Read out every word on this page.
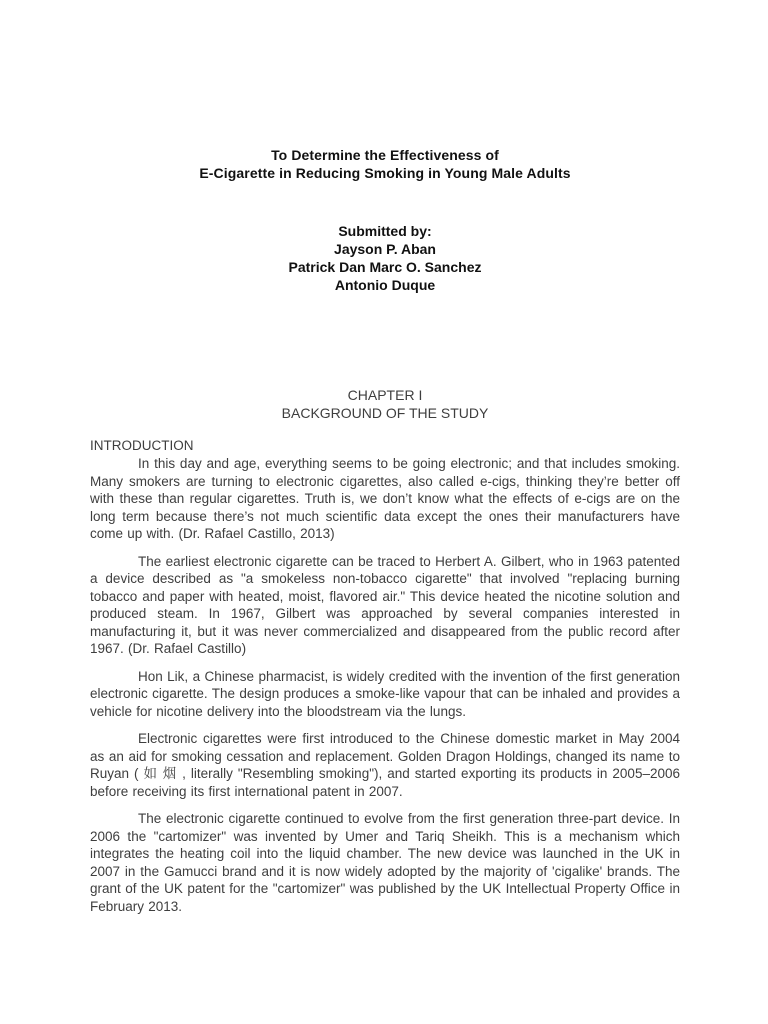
To Determine the Effectiveness of
E-Cigarette in Reducing Smoking in Young Male Adults
Submitted by:
Jayson P. Aban
Patrick Dan Marc O. Sanchez
Antonio Duque
CHAPTER I
BACKGROUND OF THE STUDY
INTRODUCTION

In this day and age, everything seems to be going electronic; and that includes smoking. Many smokers are turning to electronic cigarettes, also called e-cigs, thinking they’re better off with these than regular cigarettes. Truth is, we don’t know what the effects of e-cigs are on the long term because there’s not much scientific data except the ones their manufacturers have come up with. (Dr. Rafael Castillo, 2013)

The earliest electronic cigarette can be traced to Herbert A. Gilbert, who in 1963 patented a device described as "a smokeless non-tobacco cigarette" that involved "replacing burning tobacco and paper with heated, moist, flavored air." This device heated the nicotine solution and produced steam. In 1967, Gilbert was approached by several companies interested in manufacturing it, but it was never commercialized and disappeared from the public record after 1967. (Dr. Rafael Castillo)

Hon Lik, a Chinese pharmacist, is widely credited with the invention of the first generation electronic cigarette. The design produces a smoke-like vapour that can be inhaled and provides a vehicle for nicotine delivery into the bloodstream via the lungs.

Electronic cigarettes were first introduced to the Chinese domestic market in May 2004 as an aid for smoking cessation and replacement. Golden Dragon Holdings, changed its name to Ruyan ( 如 烟 , literally "Resembling smoking"), and started exporting its products in 2005–2006 before receiving its first international patent in 2007.

The electronic cigarette continued to evolve from the first generation three-part device. In 2006 the "cartomizer" was invented by Umer and Tariq Sheikh. This is a mechanism which integrates the heating coil into the liquid chamber. The new device was launched in the UK in 2007 in the Gamucci brand and it is now widely adopted by the majority of 'cigalike' brands. The grant of the UK patent for the "cartomizer" was published by the UK Intellectual Property Office in February 2013.
